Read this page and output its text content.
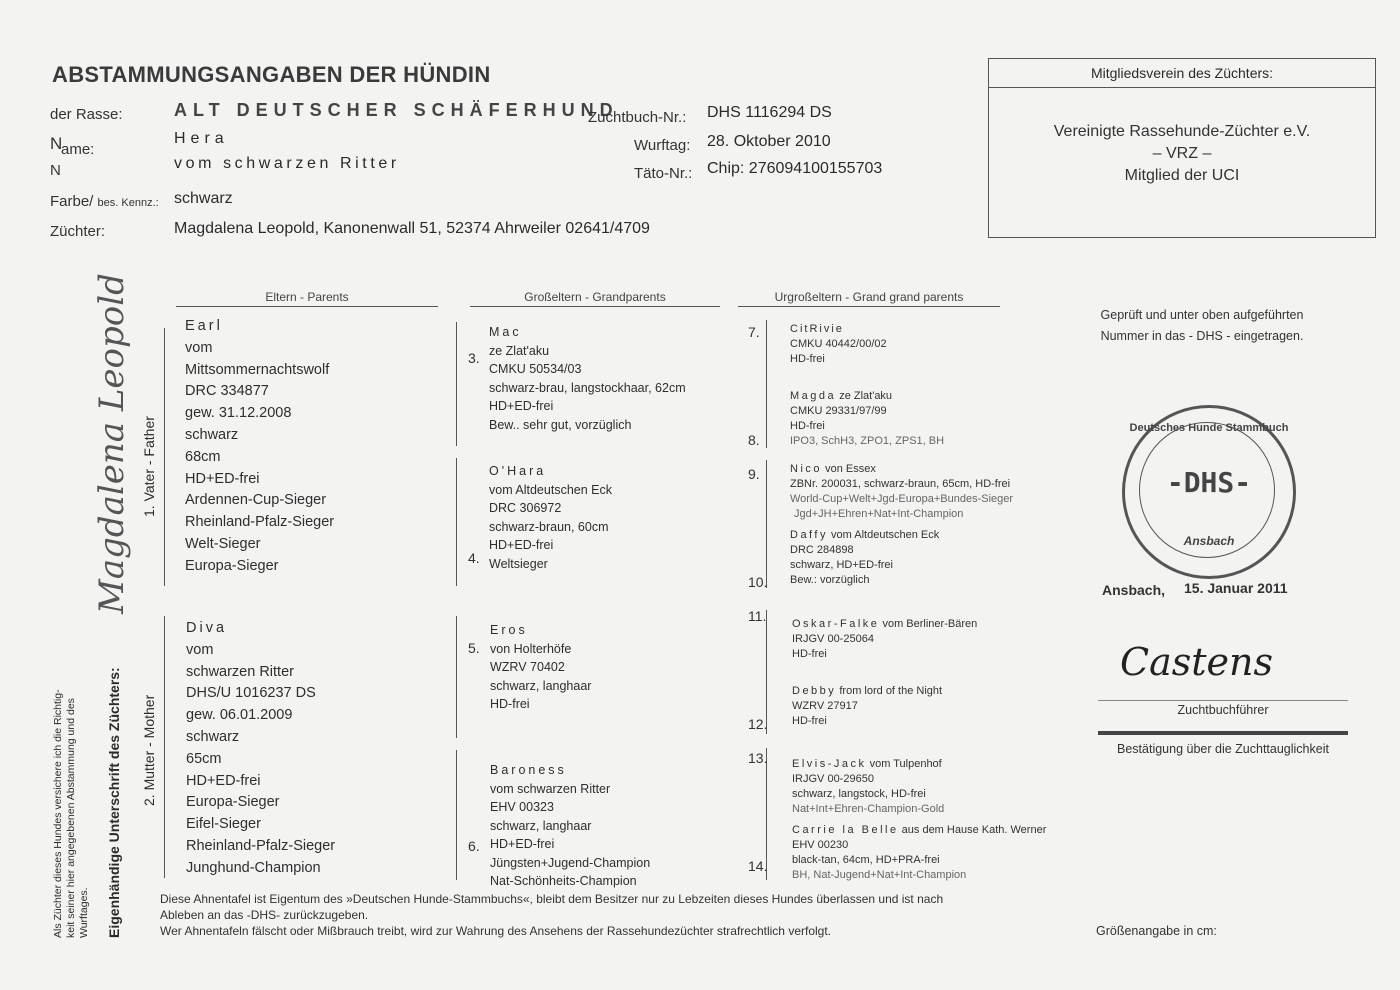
ABSTAMMUNGSANGABEN DER HÜNDIN
der Rasse:	ALT DEUTSCHER SCHÄFERHUND
N
ame:
N
Hera
vom schwarzen Ritter
Farbe/ bes. Kennz.: schwarz
Züchter:	Magdalena Leopold, Kanonenwall 51, 52374 Ahrweiler 02641/4709
Zuchtbuch-Nr.: DHS 1116294 DS
Wurftag: 28. Oktober 2010
Täto-Nr.: Chip: 276094100155703
Mitgliedsverein des Züchters:
Vereinigte Rassehunde-Züchter e.V.
– VRZ –
Mitglied der UCI
Eltern - Parents	Großeltern - Grandparents	Urgroßeltern - Grand grand parents
1. Vater - Father
2. Mutter - Mother
Eigenhändige Unterschrift des Züchters:
Als Züchter dieses Hundes versichere ich die Richtig-
keit seiner hier angegebenen Abstammung und des
Wurftages.
Magdalena Leopold	Earl
vom
Mittsommernachtswolf
DRC 334877
gew. 31.12.2008
schwarz
68cm
HD+ED-frei
Ardennen-Cup-Sieger
Rheinland-Pfalz-Sieger
Welt-Sieger
Europa-Sieger
Diva
vom
schwarzen Ritter
DHS/U 1016237 DS
gew. 06.01.2009
schwarz
65cm
HD+ED-frei
Europa-Sieger
Eifel-Sieger
Rheinland-Pfalz-Sieger
Junghund-Champion
3.
4.
5.
6.
Mac
ze Zlat'aku
CMKU 50534/03
schwarz-brau, langstockhaar, 62cm
HD+ED-frei
Bew.. sehr gut, vorzüglich
O'Hara
vom Altdeutschen Eck
DRC 306972
schwarz-braun, 60cm
HD+ED-frei
Weltsieger
Eros
von Holterhöfe
WZRV 70402
schwarz, langhaar
HD-frei
Baroness
vom schwarzen Ritter
EHV 00323
schwarz, langhaar
HD+ED-frei
Jüngsten+Jugend-Champion
Nat-Schönheits-Champion
7.
8.
9.
10.
11.
12.
13.
14.
CitRivie
CMKU 40442/00/02
HD-frei
Magda ze Zlat'aku
CMKU 29331/97/99
HD-frei
IPO3, SchH3, ZPO1, ZPS1, BH
Nico von Essex
ZBNr. 200031, schwarz-braun, 65cm, HD-frei
World-Cup+Welt+Jgd-Europa+Bundes-Sieger
Jgd+JH+Ehren+Nat+Int-Champion
Daffy vom Altdeutschen Eck
DRC 284898
schwarz, HD+ED-frei
Bew.: vorzüglich
Oskar-Falke vom Berliner-Bären
IRJGV 00-25064
HD-frei
Debby from lord of the Night
WZRV 27917
HD-frei
Elvis-Jack vom Tulpenhof
IRJGV 00-29650
schwarz, langstock, HD-frei
Nat+Int+Ehren-Champion-Gold
Carrie la Belle aus dem Hause Kath. Werner
EHV 00230
black-tan, 64cm, HD+PRA-frei
BH, Nat-Jugend+Nat+Int-Champion
Geprüft und unter oben aufgeführten
Nummer in das - DHS - eingetragen.
Deutsches Hunde Stammbuch
-DHS-
Ansbach
Ansbach, 15. Januar 2011
Castens
Zuchtbuchführer
Bestätigung über die Zuchttauglichkeit
Größenangabe in cm:
Diese Ahnentafel ist Eigentum des »Deutschen Hunde-Stammbuchs«, bleibt dem Besitzer nur zu Lebzeiten dieses Hundes überlassen und ist nach
Ableben an das -DHS- zurückzugeben.
Wer Ahnentafeln fälscht oder Mißbrauch treibt, wird zur Wahrung des Ansehens der Rassehundezüchter strafrechtlich verfolgt.
